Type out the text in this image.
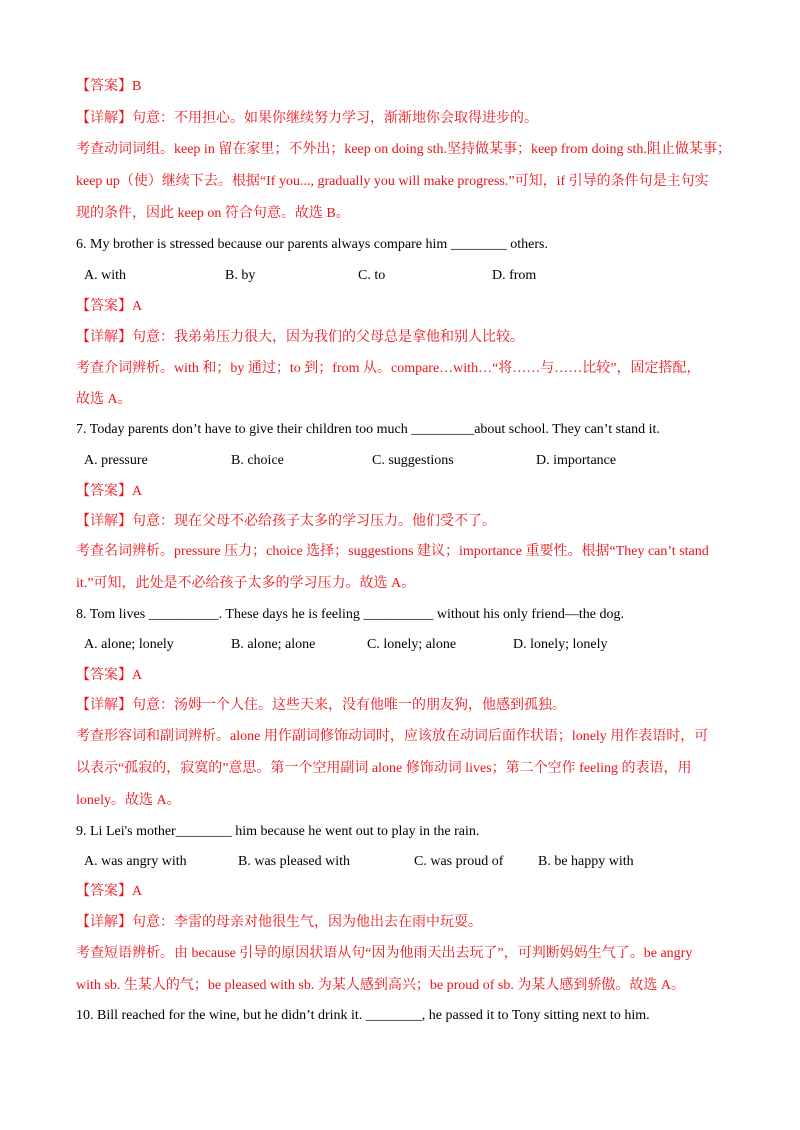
【答案】B
【详解】句意：不用担心。如果你继续努力学习，渐渐地你会取得进步的。
考查动词词组。keep in 留在家里；不外出；keep on doing sth.坚持做某事；keep from doing sth.阻止做某事；
keep up（使）继续下去。根据“If you..., gradually you will make progress.”可知，if 引导的条件句是主句实
现的条件，因此 keep on 符合句意。故选 B。
6. My brother is stressed because our parents always compare him ________ others.
A. with	B. by	C. to	D. from
【答案】A
【详解】句意：我弟弟压力很大，因为我们的父母总是拿他和别人比较。
考查介词辨析。with 和；by 通过；to 到；from 从。compare…with…“将……与……比较”，固定搭配，
故选 A。
7. Today parents don’t have to give their children too much _________about school. They can’t stand it.
A. pressure	B. choice	C. suggestions	D. importance
【答案】A
【详解】句意：现在父母不必给孩子太多的学习压力。他们受不了。
考查名词辨析。pressure 压力；choice 选择；suggestions 建议；importance 重要性。根据“They can’t stand
it.”可知，此处是不必给孩子太多的学习压力。故选 A。
8. Tom lives __________. These days he is feeling __________ without his only friend—the dog.
A. alone; lonely	B. alone; alone	C. lonely; alone	D. lonely; lonely
【答案】A
【详解】句意：汤姆一个人住。这些天来，没有他唯一的朋友狗，他感到孤独。
考查形容词和副词辨析。alone 用作副词修饰动词时，应该放在动词后面作状语；lonely 用作表语时，可
以表示“孤寂的，寂寞的”意思。第一个空用副词 alone 修饰动词 lives；第二个空作 feeling 的表语，用
lonely。故选 A。
9. Li Lei's mother________ him because he went out to play in the rain.
A. was angry with	B. was pleased with	C. was proud of B. be happy with
【答案】A
【详解】句意：李雷的母亲对他很生气，因为他出去在雨中玩耍。
考查短语辨析。由 because 引导的原因状语从句“因为他雨天出去玩了”，可判断妈妈生气了。be angry
with sb. 生某人的气；be pleased with sb. 为某人感到高兴；be proud of sb. 为某人感到骄傲。故选 A。
10. Bill reached for the wine, but he didn’t drink it. ________, he passed it to Tony sitting next to him.
